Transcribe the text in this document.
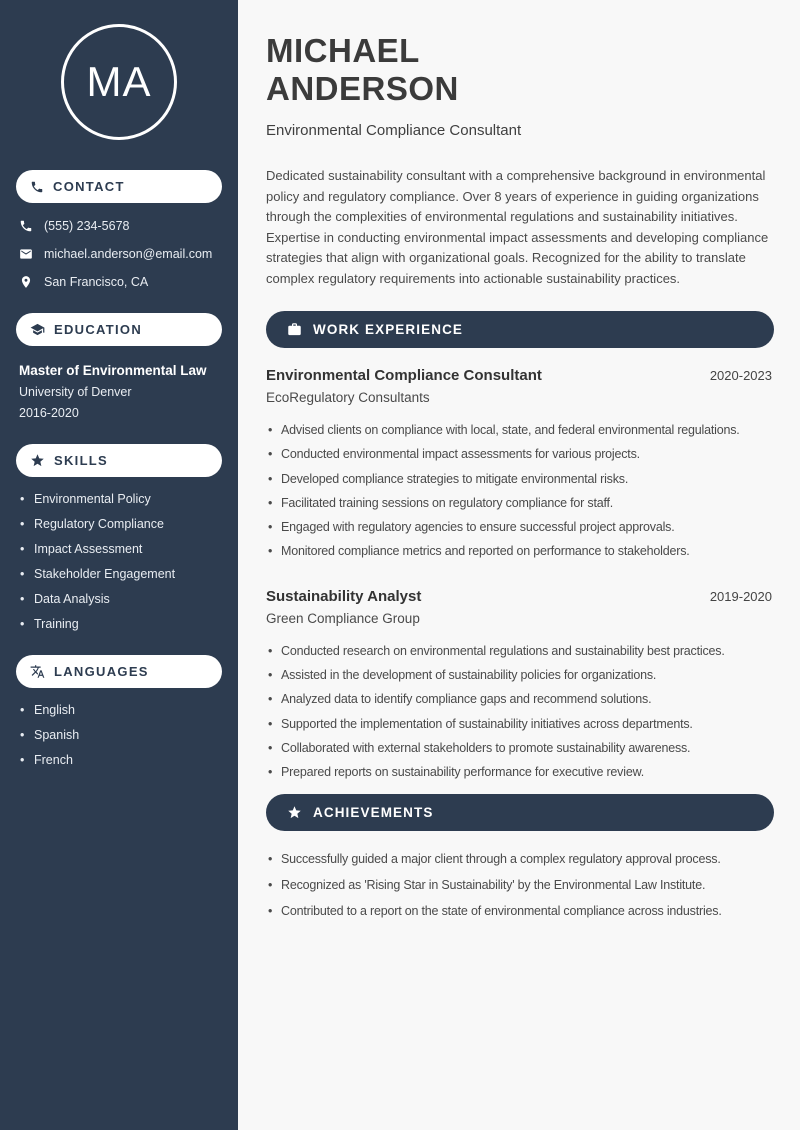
MA
CONTACT
(555) 234-5678
michael.anderson@email.com
San Francisco, CA
EDUCATION
Master of Environmental Law
University of Denver
2016-2020
SKILLS
• Environmental Policy
• Regulatory Compliance
• Impact Assessment
• Stakeholder Engagement
• Data Analysis
• Training
LANGUAGES
• English
• Spanish
• French
MICHAEL
ANDERSON
Environmental Compliance Consultant

Dedicated sustainability consultant with a comprehensive background in environmental policy and regulatory compliance. Over 8 years of experience in guiding organizations through the complexities of environmental regulations and sustainability initiatives. Expertise in conducting environmental impact assessments and developing compliance strategies that align with organizational goals. Recognized for the ability to translate complex regulatory requirements into actionable sustainability practices.

WORK EXPERIENCE
Environmental Compliance Consultant	2020-2023
EcoRegulatory Consultants
• Advised clients on compliance with local, state, and federal environmental regulations.
• Conducted environmental impact assessments for various projects.
• Developed compliance strategies to mitigate environmental risks.
• Facilitated training sessions on regulatory compliance for staff.
• Engaged with regulatory agencies to ensure successful project approvals.
• Monitored compliance metrics and reported on performance to stakeholders.
Sustainability Analyst	2019-2020
Green Compliance Group
• Conducted research on environmental regulations and sustainability best practices.
• Assisted in the development of sustainability policies for organizations.
• Analyzed data to identify compliance gaps and recommend solutions.
• Supported the implementation of sustainability initiatives across departments.
• Collaborated with external stakeholders to promote sustainability awareness.
• Prepared reports on sustainability performance for executive review.
ACHIEVEMENTS
• Successfully guided a major client through a complex regulatory approval process.
• Recognized as 'Rising Star in Sustainability' by the Environmental Law Institute.
• Contributed to a report on the state of environmental compliance across industries.
